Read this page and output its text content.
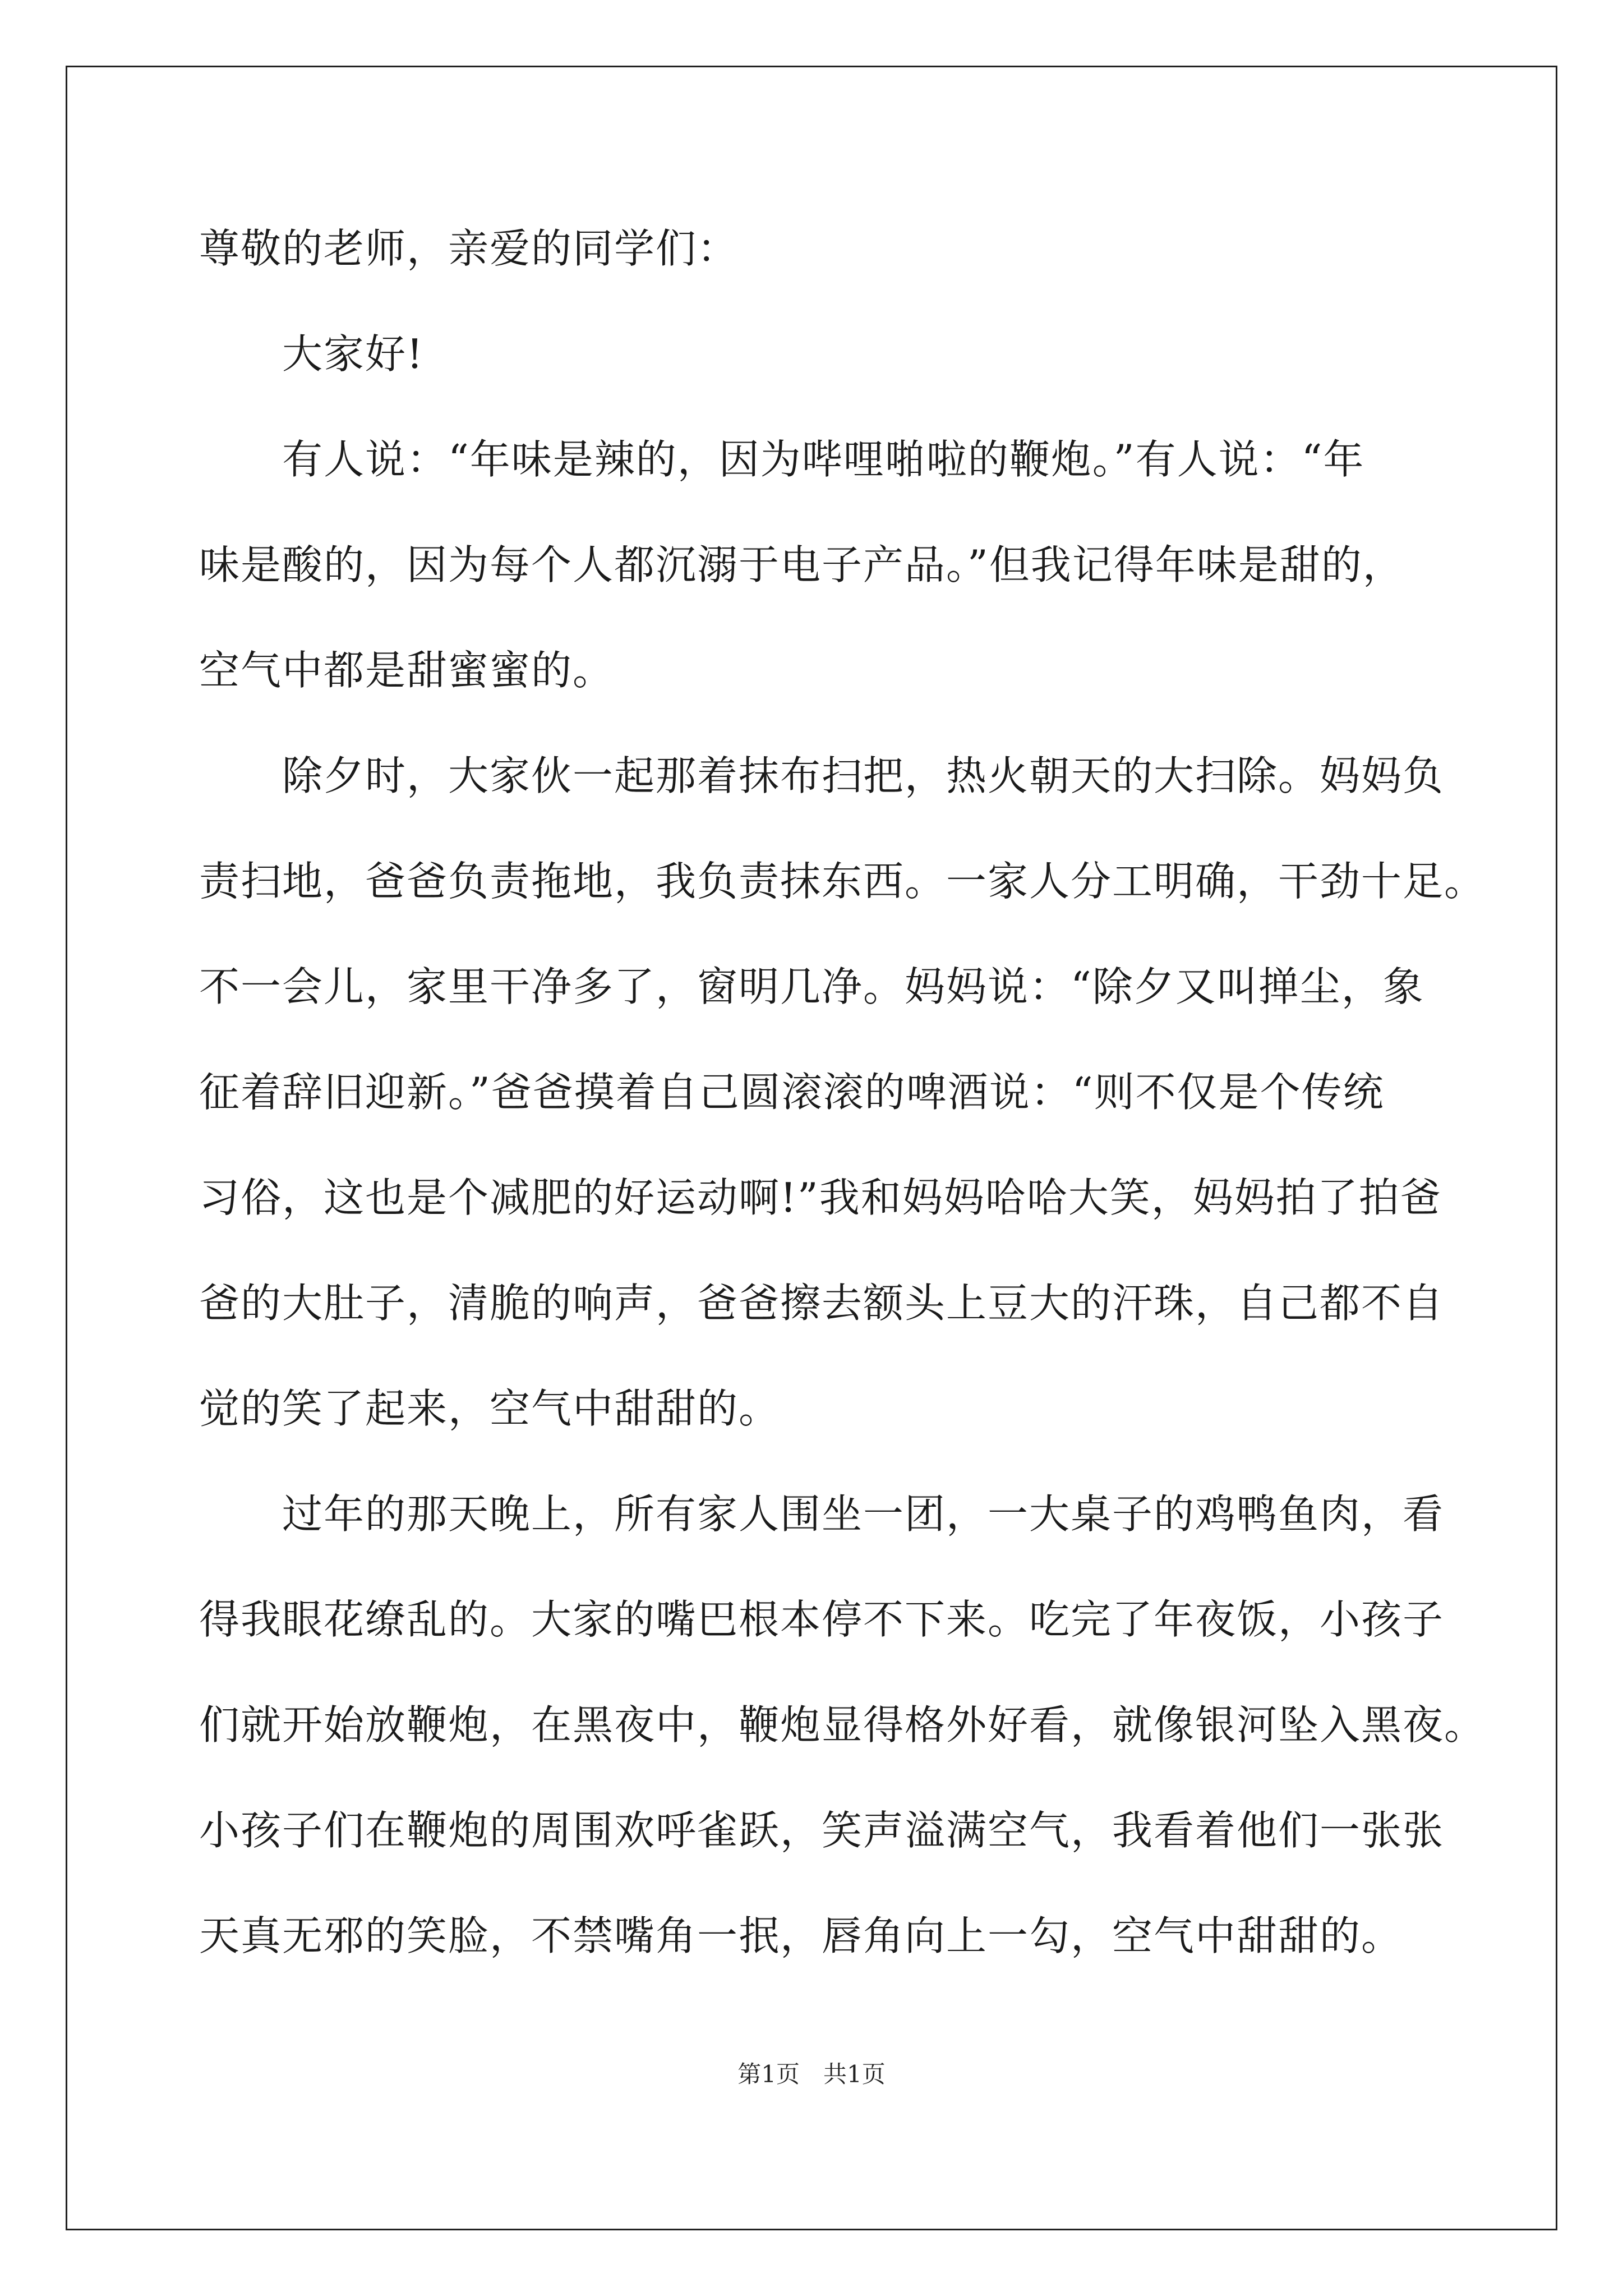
尊敬的老师，亲爱的同学们：
　　大家好!
　　有人说：“年味是辣的，因为哔哩啪啦的鞭炮。”有人说：“年
味是酸的，因为每个人都沉溺于电子产品。”但我记得年味是甜的，
空气中都是甜蜜蜜的。
　　除夕时，大家伙一起那着抹布扫把，热火朝天的大扫除。妈妈负
责扫地，爸爸负责拖地，我负责抹东西。一家人分工明确，干劲十足。
不一会儿，家里干净多了，窗明几净。妈妈说：“除夕又叫掸尘，象
征着辞旧迎新。”爸爸摸着自己圆滚滚的啤酒说：“则不仅是个传统
习俗，这也是个减肥的好运动啊!”我和妈妈哈哈大笑，妈妈拍了拍爸
爸的大肚子，清脆的响声，爸爸擦去额头上豆大的汗珠，自己都不自
觉的笑了起来，空气中甜甜的。
　　过年的那天晚上，所有家人围坐一团，一大桌子的鸡鸭鱼肉，看
得我眼花缭乱的。大家的嘴巴根本停不下来。吃完了年夜饭，小孩子
们就开始放鞭炮，在黑夜中，鞭炮显得格外好看，就像银河坠入黑夜。
小孩子们在鞭炮的周围欢呼雀跃，笑声溢满空气，我看着他们一张张
天真无邪的笑脸，不禁嘴角一抿，唇角向上一勾，空气中甜甜的。
第1页　共1页
